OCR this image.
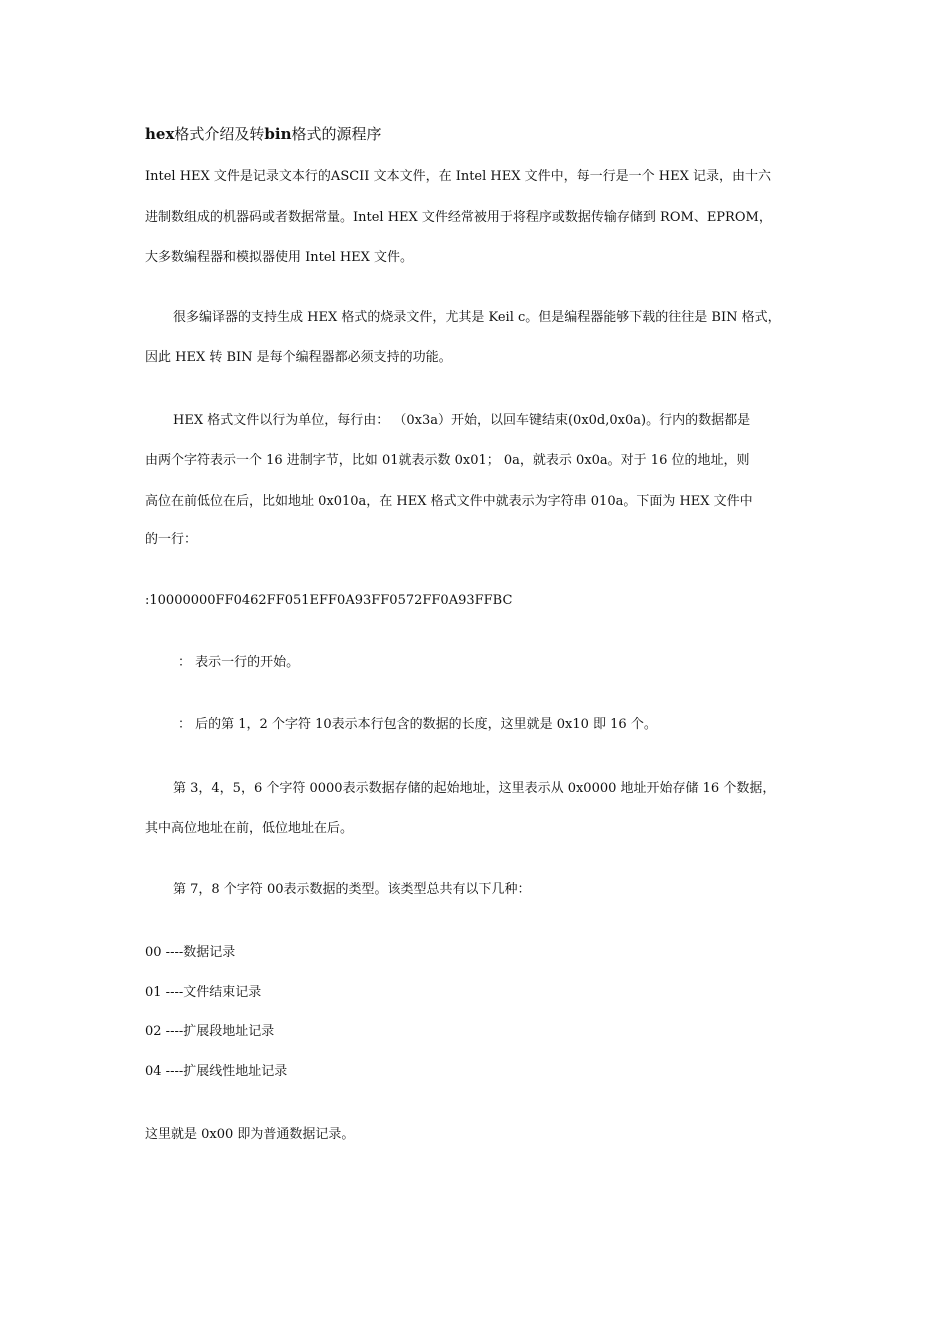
hex格式介绍及转bin格式的源程序
Intel HEX 文件是记录文本行的ASCII 文本文件，在 Intel HEX 文件中，每一行是一个 HEX 记录，由十六
进制数组成的机器码或者数据常量。Intel HEX 文件经常被用于将程序或数据传输存储到 ROM、EPROM，
大多数编程器和模拟器使用 Intel HEX 文件。
很多编译器的支持生成 HEX 格式的烧录文件，尤其是 Keil c。但是编程器能够下载的往往是 BIN 格式，
因此 HEX 转 BIN 是每个编程器都必须支持的功能。
HEX 格式文件以行为单位，每行由： （0x3a）开始，以回车键结束(0x0d,0x0a)。行内的数据都是
由两个字符表示一个 16 进制字节，比如 01就表示数 0x01； 0a，就表示 0x0a。对于 16 位的地址，则
高位在前低位在后，比如地址 0x010a，在 HEX 格式文件中就表示为字符串 010a。下面为 HEX 文件中
的一行：
:10000000FF0462FF051EFF0A93FF0572FF0A93FFBC
： 表示一行的开始。
： 后的第 1，2 个字符 10表示本行包含的数据的长度，这里就是 0x10 即 16 个。
第 3，4，5，6 个字符 0000表示数据存储的起始地址，这里表示从 0x0000 地址开始存储 16 个数据，
其中高位地址在前，低位地址在后。
第 7，8 个字符 00表示数据的类型。该类型总共有以下几种：
00 ----数据记录
01 ----文件结束记录
02 ----扩展段地址记录
04 ----扩展线性地址记录
这里就是 0x00 即为普通数据记录。
